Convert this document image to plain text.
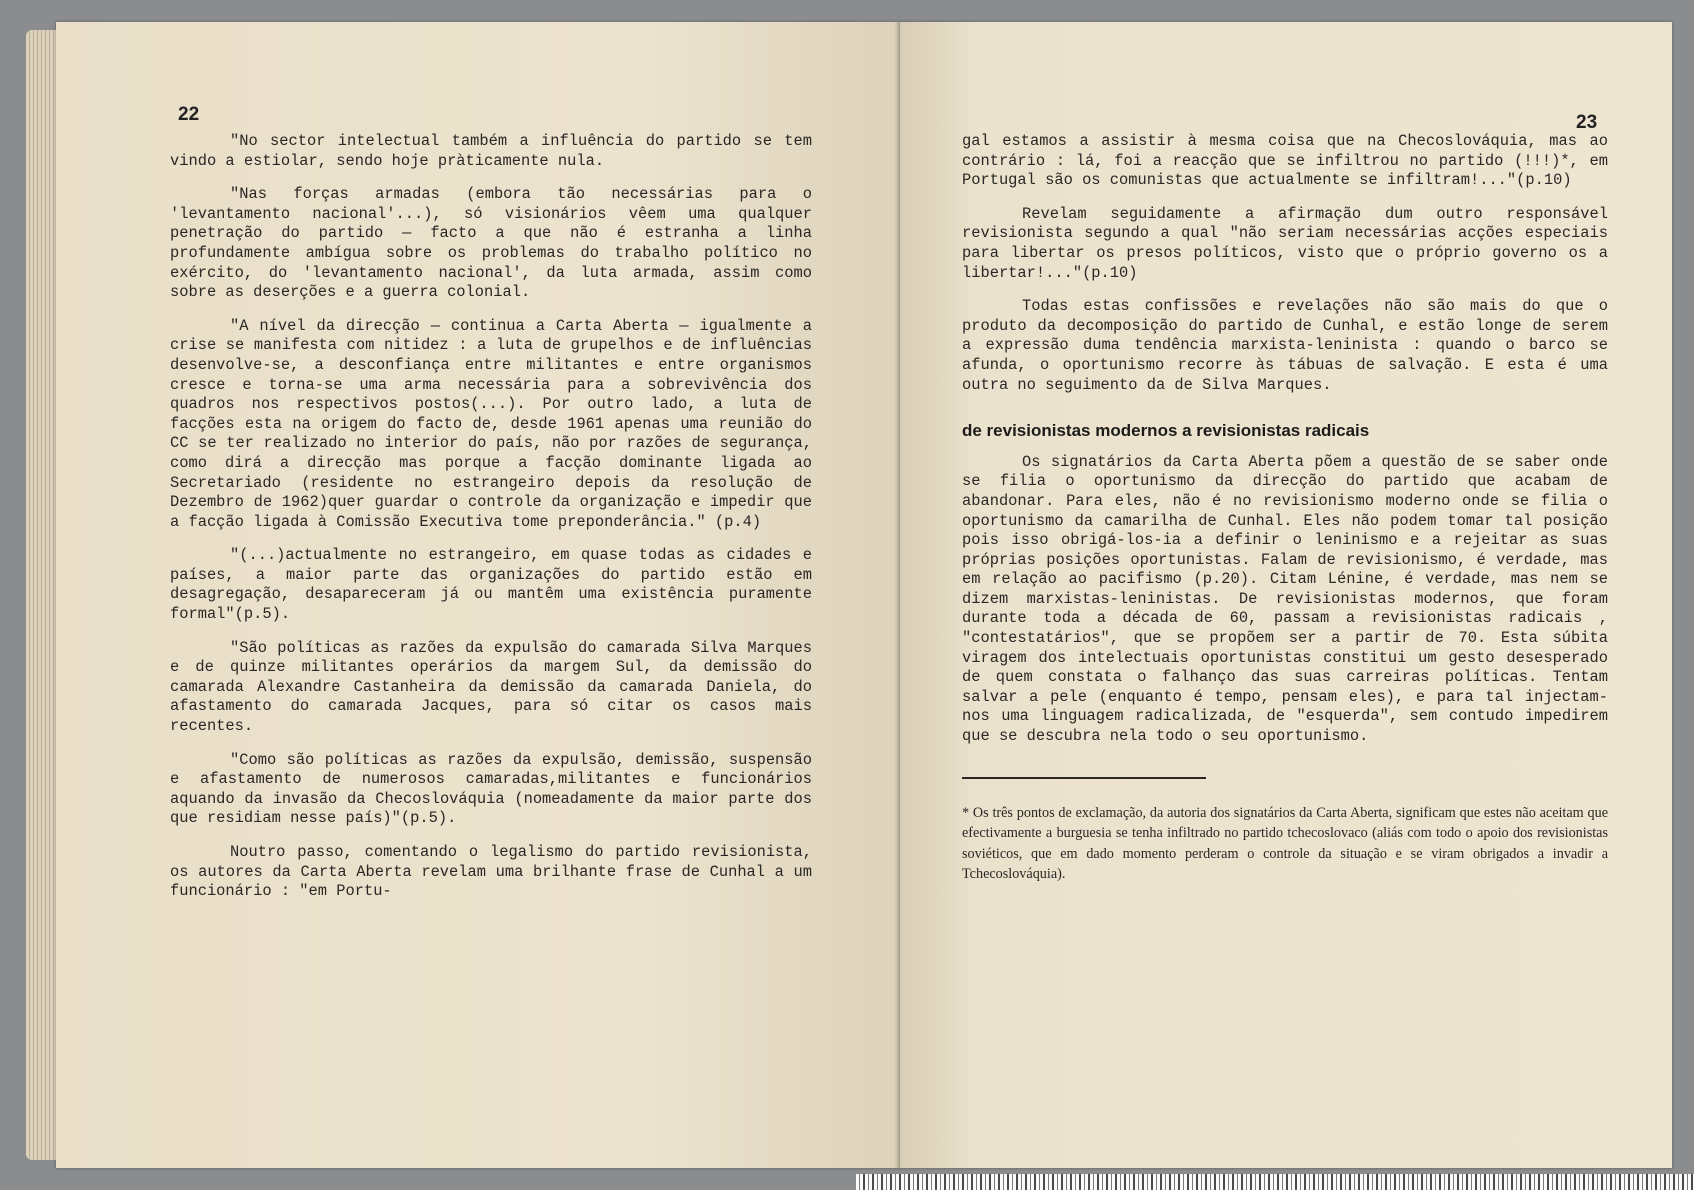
22

"No sector intelectual também a influência do partido se tem vindo a estiolar, sendo hoje pràticamente nula.

"Nas forças armadas (embora tão necessárias para o 'levantamento nacional'...), só visionários vêem uma qualquer penetração do partido — facto a que não é estranha a linha profundamente ambígua sobre os problemas do trabalho político no exército, do 'levantamento nacional', da luta armada, assim como sobre as deserções e a guerra colonial.

"A nível da direcção — continua a Carta Aberta — igualmente a crise se manifesta com nitidez : a luta de grupelhos e de influências desenvolve-se, a desconfiança entre militantes e entre organismos cresce e torna-se uma arma necessária para a sobrevivência dos quadros nos respectivos postos(...). Por outro lado, a luta de facções esta na origem do facto de, desde 1961 apenas uma reunião do CC se ter realizado no interior do país, não por razões de segurança, como dirá a direcção mas porque a facção dominante ligada ao Secretariado (residente no estrangeiro depois da resolução de Dezembro de 1962)quer guardar o controle da organização e impedir que a facção ligada à Comissão Executiva tome preponderância." (p.4)

"(...)actualmente no estrangeiro, em quase todas as cidades e países, a maior parte das organizações do partido estão em desagregação, desapareceram já ou mantêm uma existência puramente formal"(p.5).

"São políticas as razões da expulsão do camarada Silva Marques e de quinze militantes operários da margem Sul, da demissão do camarada Alexandre Castanheira da demissão da camarada Daniela, do afastamento do camarada Jacques, para só citar os casos mais recentes.

"Como são políticas as razões da expulsão, demissão, suspensão e afastamento de numerosos camaradas,militantes e funcionários aquando da invasão da Checoslováquia (nomeadamente da maior parte dos que residiam nesse país)"(p.5).

Noutro passo, comentando o legalismo do partido revisionista, os autores da Carta Aberta revelam uma brilhante frase de Cunhal a um funcionário : "em Portu-

23

gal estamos a assistir à mesma coisa que na Checoslováquia, mas ao contrário : lá, foi a reacção que se infiltrou no partido (!!!)*, em Portugal são os comunistas que actualmente se infiltram!..."(p.10)

Revelam seguidamente a afirmação dum outro responsável revisionista segundo a qual "não seriam necessárias acções especiais para libertar os presos políticos, visto que o próprio governo os a libertar!..."(p.10)

Todas estas confissões e revelações não são mais do que o produto da decomposição do partido de Cunhal, e estão longe de serem a expressão duma tendência marxista-leninista : quando o barco se afunda, o oportunismo recorre às tábuas de salvação. E esta é uma outra no seguimento da de Silva Marques.

de revisionistas modernos a revisionistas radicais

Os signatários da Carta Aberta põem a questão de se saber onde se filia o oportunismo da direcção do partido que acabam de abandonar. Para eles, não é no revisionismo moderno onde se filia o oportunismo da camarilha de Cunhal. Eles não podem tomar tal posição pois isso obrigá-los-ia a definir o leninismo e a rejeitar as suas próprias posições oportunistas. Falam de revisionismo, é verdade, mas em relação ao pacifismo (p.20). Citam Lénine, é verdade, mas nem se dizem marxistas-leninistas. De revisionistas modernos, que foram durante toda a década de 60, passam a revisionistas radicais , "contestatários", que se propõem ser a partir de 70. Esta súbita viragem dos intelectuais oportunistas constitui um gesto desesperado de quem constata o falhanço das suas carreiras políticas. Tentam salvar a pele (enquanto é tempo, pensam eles), e para tal injectam-nos uma linguagem radicalizada, de "esquerda", sem contudo impedirem que se descubra nela todo o seu oportunismo.

* Os três pontos de exclamação, da autoria dos signatários da Carta Aberta, significam que estes não aceitam que efectivamente a burguesia se tenha infiltrado no partido tchecoslovaco (aliás com todo o apoio dos revisionistas soviéticos, que em dado momento perderam o controle da situação e se viram obrigados a invadir a Tchecoslováquia).
